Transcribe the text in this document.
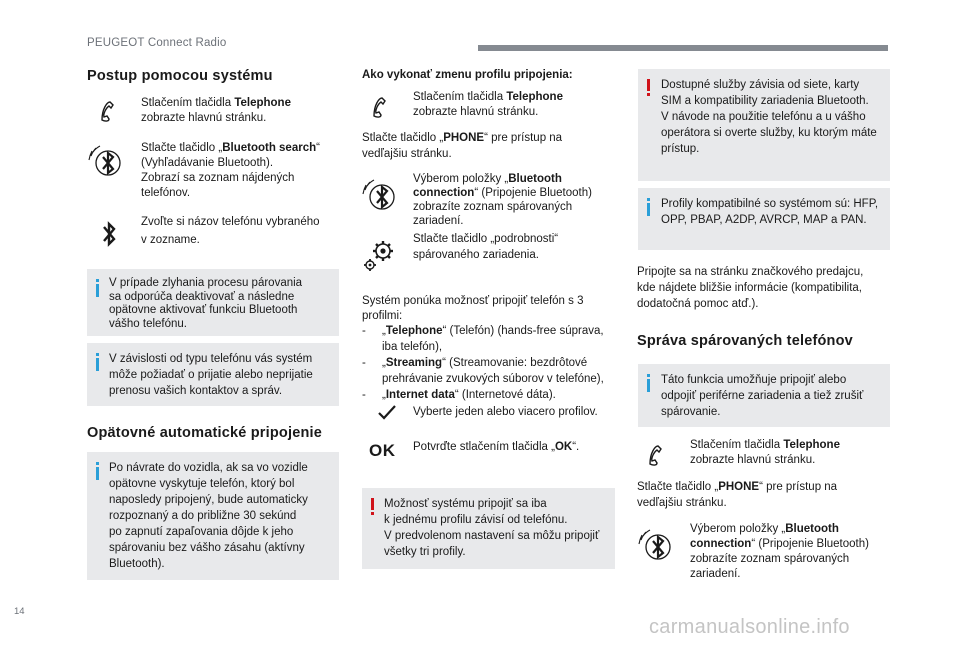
PEUGEOT Connect Radio
14
carmanualsonline.info
Postup pomocou systému
Stlačením tlačidla Telephone
zobrazte hlavnú stránku.
Stlačte tlačidlo „Bluetooth search“
(Vyhľadávanie Bluetooth).
Zobrazí sa zoznam nájdených
telefónov.
Zvoľte si názov telefónu vybraného
v zozname.
V prípade zlyhania procesu párovania
sa odporúča deaktivovať a následne
opätovne aktivovať funkciu Bluetooth
vášho telefónu.
V závislosti od typu telefónu vás systém
môže požiadať o prijatie alebo neprijatie
prenosu vašich kontaktov a správ.
Opätovné automatické pripojenie
Po návrate do vozidla, ak sa vo vozidle
opätovne vyskytuje telefón, ktorý bol
naposledy pripojený, bude automaticky
rozpoznaný a do približne 30 sekúnd
po zapnutí zapaľovania dôjde k jeho
spárovaniu bez vášho zásahu (aktívny
Bluetooth).
Ako vykonať zmenu profilu pripojenia:
Stlačením tlačidla Telephone
zobrazte hlavnú stránku.
Stlačte tlačidlo „PHONE“ pre prístup na
vedľajšiu stránku.
Výberom položky „Bluetooth
connection“ (Pripojenie Bluetooth)
zobrazíte zoznam spárovaných
zariadení.
Stlačte tlačidlo „podrobnosti“
spárovaného zariadenia.
Systém ponúka možnosť pripojiť telefón s 3
profilmi:
- „Telephone“ (Telefón) (hands-free súprava,
iba telefón),
- „Streaming“ (Streamovanie: bezdrôtové
prehrávanie zvukových súborov v telefóne),
- „Internet data“ (Internetové dáta).
Vyberte jeden alebo viacero profilov.
OK Potvrďte stlačením tlačidla „OK“.
Možnosť systému pripojiť sa iba
k jednému profilu závisí od telefónu.
V predvolenom nastavení sa môžu pripojiť
všetky tri profily.
Dostupné služby závisia od siete, karty
SIM a kompatibility zariadenia Bluetooth.
V návode na použitie telefónu a u vášho
operátora si overte služby, ku ktorým máte
prístup.
Profily kompatibilné so systémom sú: HFP,
OPP, PBAP, A2DP, AVRCP, MAP a PAN.
Pripojte sa na stránku značkového predajcu,
kde nájdete bližšie informácie (kompatibilita,
dodatočná pomoc atď.).
Správa spárovaných telefónov
Táto funkcia umožňuje pripojiť alebo
odpojiť periférne zariadenia a tiež zrušiť
spárovanie.
Stlačením tlačidla Telephone
zobrazte hlavnú stránku.
Stlačte tlačidlo „PHONE“ pre prístup na
vedľajšiu stránku.
Výberom položky „Bluetooth
connection“ (Pripojenie Bluetooth)
zobrazíte zoznam spárovaných
zariadení.
